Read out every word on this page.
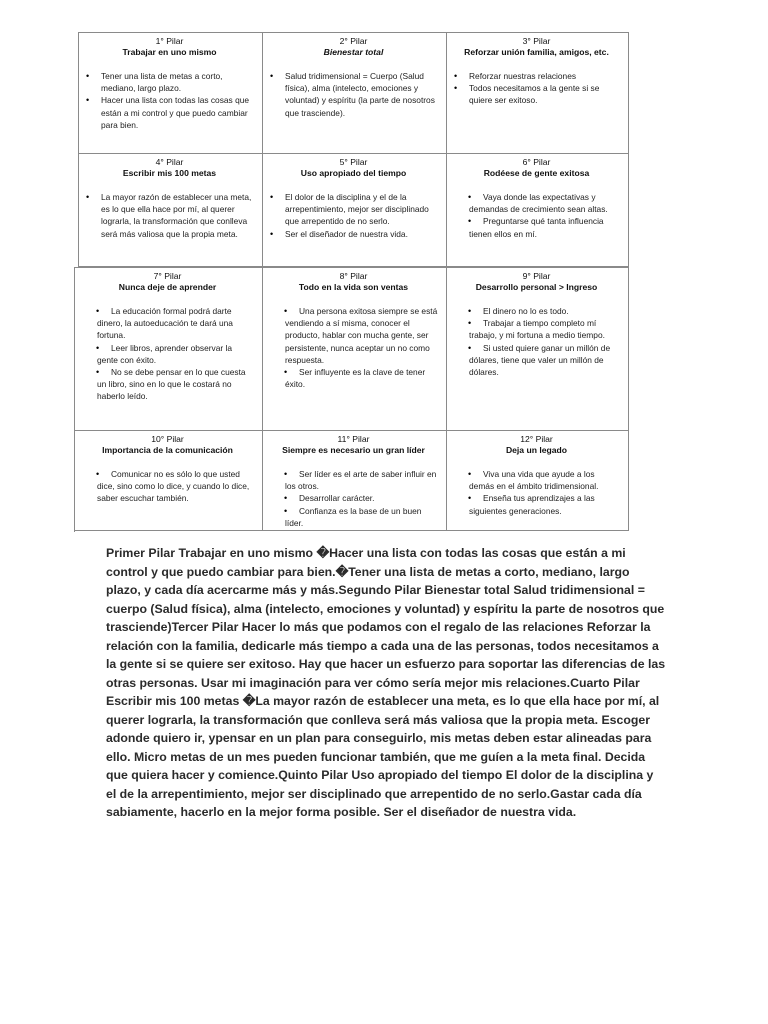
1° Pilar
Trabajar en uno mismo
• Tener una lista de metas a corto, mediano, largo plazo.
• Hacer una lista con todas las cosas que están a mi control y que puedo cambiar para bien.
2° Pilar
Bienestar total
• Salud tridimensional = Cuerpo (Salud física), alma (intelecto, emociones y voluntad) y espíritu (la parte de nosotros que trasciende).
3° Pilar
Reforzar unión familia, amigos, etc.
• Reforzar nuestras relaciones
• Todos necesitamos a la gente si se quiere ser exitoso.
4° Pilar
Escribir mis 100 metas
• La mayor razón de establecer una meta, es lo que ella hace por mí, al querer lograrla, la transformación que conlleva será más valiosa que la propia meta.
5° Pilar
Uso apropiado del tiempo
• El dolor de la disciplina y el de la arrepentimiento, mejor ser disciplinado que arrepentido de no serlo.
• Ser el diseñador de nuestra vida.
6° Pilar
Rodéese de gente exitosa
• Vaya donde las expectativas y demandas de crecimiento sean altas.
• Preguntarse qué tanta influencia tienen ellos en mí.
7° Pilar
Nunca deje de aprender
• La educación formal podrá darte dinero, la autoeducación te dará una fortuna.
• Leer libros, aprender observar la gente con éxito.
• No se debe pensar en lo que cuesta un libro, sino en lo que le costará no haberlo leído.
8° Pilar
Todo en la vida son ventas
• Una persona exitosa siempre se está vendiendo a sí misma, conocer el producto, hablar con mucha gente, ser persistente, nunca aceptar un no como respuesta.
• Ser influyente es la clave de tener éxito.
9° Pilar
Desarrollo personal > Ingreso
• El dinero no lo es todo.
• Trabajar a tiempo completo mí trabajo, y mi fortuna a medio tiempo.
• Si usted quiere ganar un millón de dólares, tiene que valer un millón de dólares.
10° Pilar
Importancia de la comunicación
• Comunicar no es sólo lo que usted dice, sino como lo dice, y cuando lo dice, saber escuchar también.
11° Pilar
Siempre es necesario un gran líder
• Ser líder es el arte de saber influir en los otros.
• Desarrollar carácter.
• Confianza es la base de un buen líder.
12° Pilar
Deja un legado
• Viva una vida que ayude a los demás en el ámbito tridimensional.
• Enseña tus aprendizajes a las siguientes generaciones.

Primer Pilar Trabajar en uno mismo �Hacer una lista con todas las cosas que están a mi control y que puedo cambiar para bien.�Tener una lista de metas a corto, mediano, largo plazo, y cada día acercarme más y más.Segundo Pilar Bienestar total Salud tridimensional = cuerpo (Salud física), alma (intelecto, emociones y voluntad) y espíritu la parte de nosotros que trasciende)Tercer Pilar Hacer lo más que podamos con el regalo de las relaciones Reforzar la relación con la familia, dedicarle más tiempo a cada una de las personas, todos necesitamos a la gente si se quiere ser exitoso. Hay que hacer un esfuerzo para soportar las diferencias de las otras personas. Usar mi imaginación para ver cómo sería mejor mis relaciones.Cuarto Pilar Escribir mis 100 metas �La mayor razón de establecer una meta, es lo que ella hace por mí, al querer lograrla, la transformación que conlleva será más valiosa que la propia meta. Escoger adonde quiero ir, ypensar en un plan para conseguirlo, mis metas deben estar alineadas para ello. Micro metas de un mes pueden funcionar también, que me guíen a la meta final. Decida que quiera hacer y comience.Quinto Pilar Uso apropiado del tiempo El dolor de la disciplina y el de la arrepentimiento, mejor ser disciplinado que arrepentido de no serlo.Gastar cada día sabiamente, hacerlo en la mejor forma posible. Ser el diseñador de nuestra vida.
